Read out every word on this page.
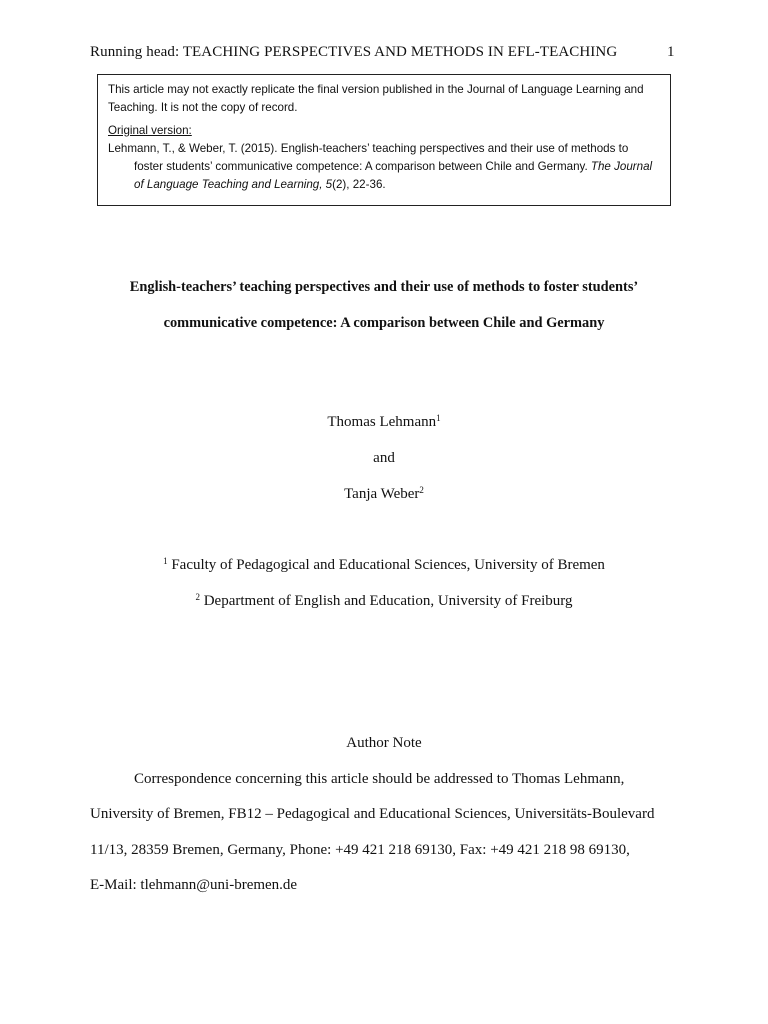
Running head: TEACHING PERSPECTIVES AND METHODS IN EFL-TEACHING	1

This article may not exactly replicate the final version published in the Journal of Language Learning and Teaching. It is not the copy of record.

Original version:

Lehmann, T., & Weber, T. (2015). English-teachers’ teaching perspectives and their use of methods to foster students’ communicative competence: A comparison between Chile and Germany. The Journal of Language Teaching and Learning, 5(2), 22-36.

English-teachers’ teaching perspectives and their use of methods to foster students’
communicative competence: A comparison between Chile and Germany
Thomas Lehmann$^1$
and
Tanja Weber$^2$
$^1$ Faculty of Pedagogical and Educational Sciences, University of Bremen
$^2$ Department of English and Education, University of Freiburg
Author Note
Correspondence concerning this article should be addressed to Thomas Lehmann,
University of Bremen, FB12 – Pedagogical and Educational Sciences, Universitäts-Boulevard
11/13, 28359 Bremen, Germany, Phone: +49 421 218 69130, Fax: +49 421 218 98 69130,
E-Mail: tlehmann@uni-bremen.de
